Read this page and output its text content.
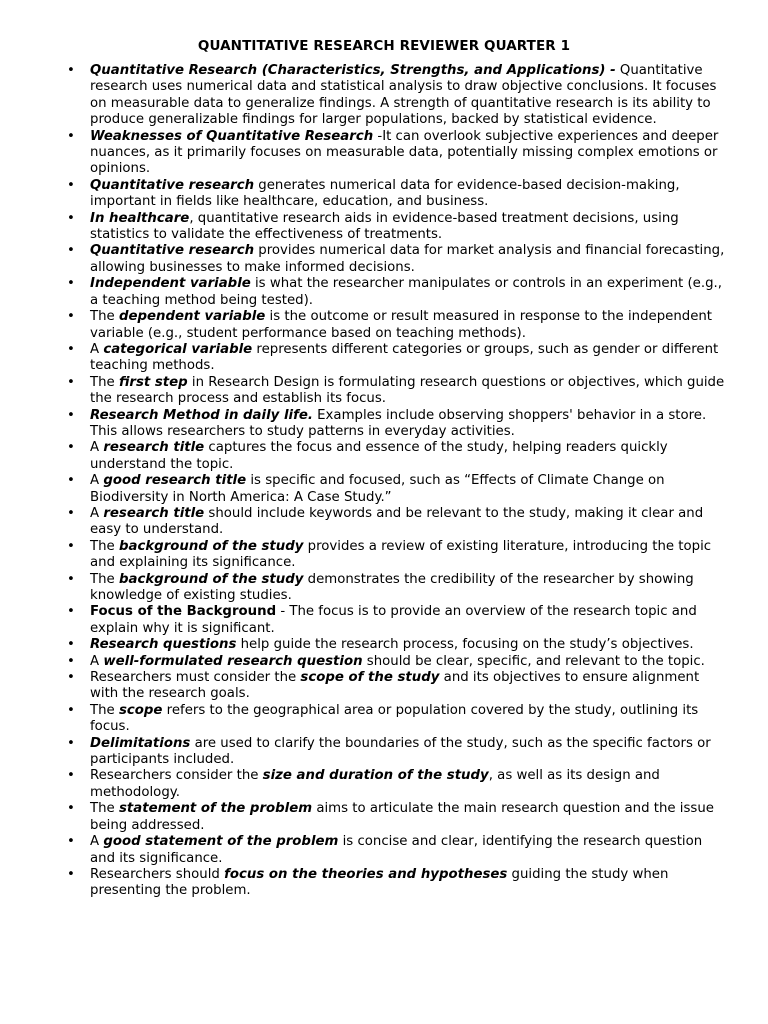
QUANTITATIVE RESEARCH REVIEWER QUARTER 1
• Quantitative Research (Characteristics, Strengths, and Applications) - Quantitative research uses numerical data and statistical analysis to draw objective conclusions. It focuses on measurable data to generalize findings. A strength of quantitative research is its ability to produce generalizable findings for larger populations, backed by statistical evidence.
• Weaknesses of Quantitative Research -It can overlook subjective experiences and deeper nuances, as it primarily focuses on measurable data, potentially missing complex emotions or opinions.
• Quantitative research generates numerical data for evidence-based decision-making, important in fields like healthcare, education, and business.
• In healthcare, quantitative research aids in evidence-based treatment decisions, using statistics to validate the effectiveness of treatments.
• Quantitative research provides numerical data for market analysis and financial forecasting, allowing businesses to make informed decisions.
• Independent variable is what the researcher manipulates or controls in an experiment (e.g., a teaching method being tested).
• The dependent variable is the outcome or result measured in response to the independent variable (e.g., student performance based on teaching methods).
• A categorical variable represents different categories or groups, such as gender or different teaching methods.
• The first step in Research Design is formulating research questions or objectives, which guide the research process and establish its focus.
• Research Method in daily life. Examples include observing shoppers' behavior in a store. This allows researchers to study patterns in everyday activities.
• A research title captures the focus and essence of the study, helping readers quickly understand the topic.
• A good research title is specific and focused, such as “Effects of Climate Change on Biodiversity in North America: A Case Study.”
• A research title should include keywords and be relevant to the study, making it clear and easy to understand.
• The background of the study provides a review of existing literature, introducing the topic and explaining its significance.
• The background of the study demonstrates the credibility of the researcher by showing knowledge of existing studies.
• Focus of the Background - The focus is to provide an overview of the research topic and explain why it is significant.
• Research questions help guide the research process, focusing on the study’s objectives.
• A well-formulated research question should be clear, specific, and relevant to the topic.
• Researchers must consider the scope of the study and its objectives to ensure alignment with the research goals.
• The scope refers to the geographical area or population covered by the study, outlining its focus.
• Delimitations are used to clarify the boundaries of the study, such as the specific factors or participants included.
• Researchers consider the size and duration of the study, as well as its design and methodology.
• The statement of the problem aims to articulate the main research question and the issue being addressed.
• A good statement of the problem is concise and clear, identifying the research question and its significance.
• Researchers should focus on the theories and hypotheses guiding the study when presenting the problem.
